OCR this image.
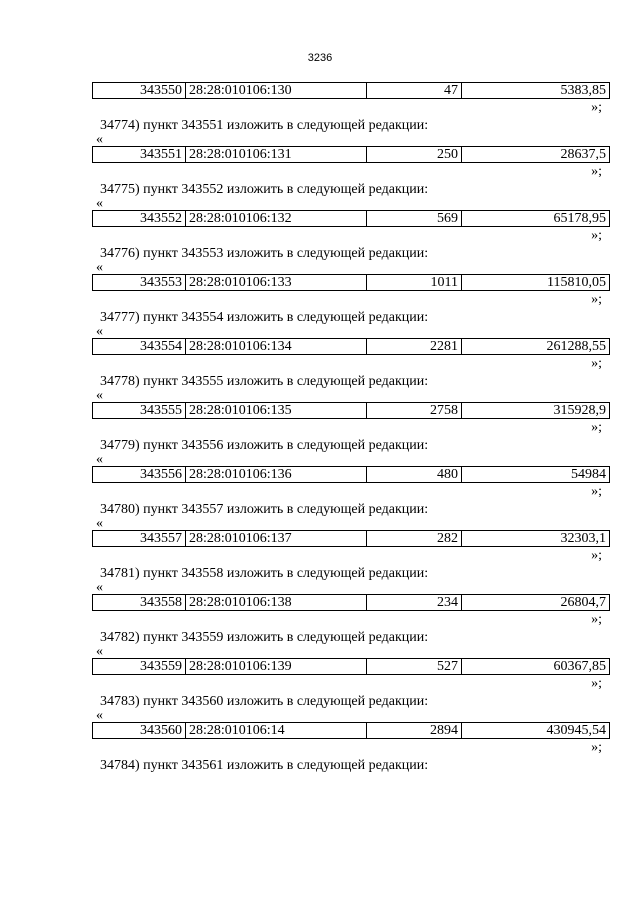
3236
343550	28:28:010106:130	47	5383,85
»;
34774) пункт 343551 изложить в следующей редакции:
«
343551	28:28:010106:131	250	28637,5
»;
34775) пункт 343552 изложить в следующей редакции:
«
343552	28:28:010106:132	569	65178,95
»;
34776) пункт 343553 изложить в следующей редакции:
«
343553	28:28:010106:133	1011	115810,05
»;
34777) пункт 343554 изложить в следующей редакции:
«
343554	28:28:010106:134	2281	261288,55
»;
34778) пункт 343555 изложить в следующей редакции:
«
343555	28:28:010106:135	2758	315928,9
»;
34779) пункт 343556 изложить в следующей редакции:
«
343556	28:28:010106:136	480	54984
»;
34780) пункт 343557 изложить в следующей редакции:
«
343557	28:28:010106:137	282	32303,1
»;
34781) пункт 343558 изложить в следующей редакции:
«
343558	28:28:010106:138	234	26804,7
»;
34782) пункт 343559 изложить в следующей редакции:
«
343559	28:28:010106:139	527	60367,85
»;
34783) пункт 343560 изложить в следующей редакции:
«
343560	28:28:010106:14	2894	430945,54
»;
34784) пункт 343561 изложить в следующей редакции:
